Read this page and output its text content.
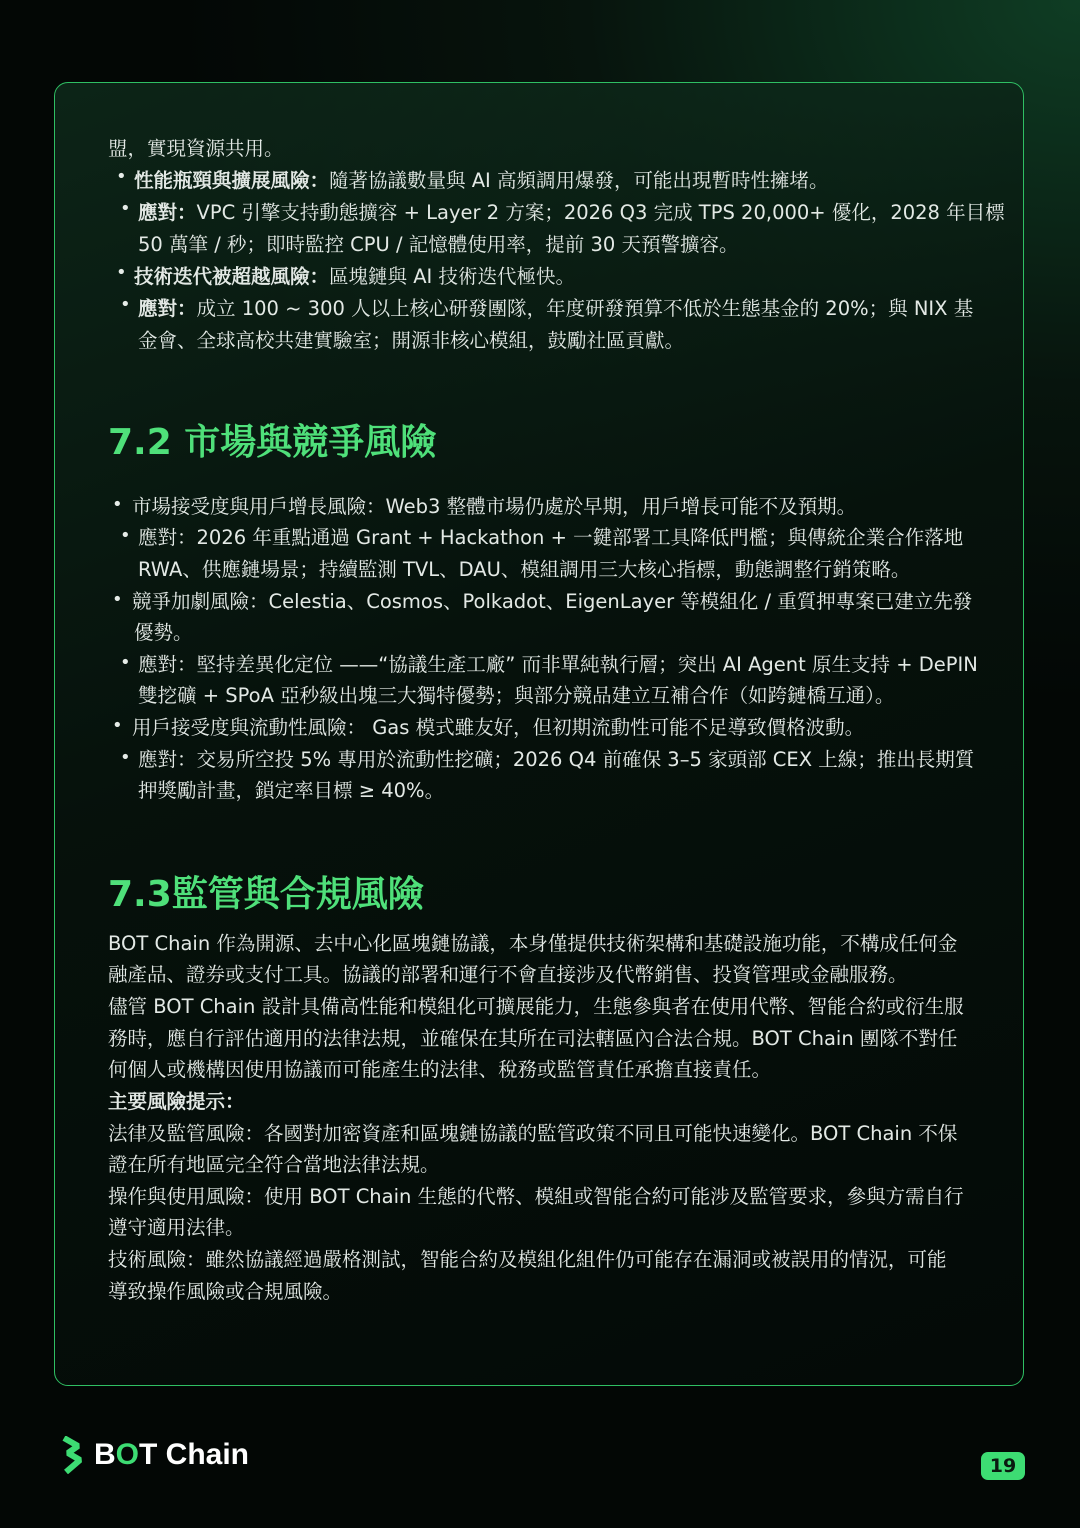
盟，實現資源共用。
• 性能瓶頸與擴展風險：隨著協議數量與 AI 高頻調用爆發，可能出現暫時性擁堵。
• 應對：VPC 引擎支持動態擴容 + Layer 2 方案；2026 Q3 完成 TPS 20,000+ 優化，2028 年目標
50 萬筆 / 秒；即時監控 CPU / 記憶體使用率，提前 30 天預警擴容。
• 技術迭代被超越風險：區塊鏈與 AI 技術迭代極快。
• 應對：成立 100 ~ 300 人以上核心研發團隊，年度研發預算不低於生態基金的 20%；與 NIX 基
金會、全球高校共建實驗室；開源非核心模組，鼓勵社區貢獻。
7.2 市場與競爭風險
• 市場接受度與用戶增長風險：Web3 整體市場仍處於早期，用戶增長可能不及預期。
• 應對：2026 年重點通過 Grant + Hackathon + 一鍵部署工具降低門檻；與傳統企業合作落地
RWA、供應鏈場景；持續監測 TVL、DAU、模組調用三大核心指標，動態調整行銷策略。
• 競爭加劇風險：Celestia、Cosmos、Polkadot、EigenLayer 等模組化 / 重質押專案已建立先發
優勢。
• 應對：堅持差異化定位 ——“協議生產工廠” 而非單純執行層；突出 AI Agent 原生支持 + DePIN
雙挖礦 + SPoA 亞秒級出塊三大獨特優勢；與部分競品建立互補合作（如跨鏈橋互通）。
• 用戶接受度與流動性風險： Gas 模式雖友好，但初期流動性可能不足導致價格波動。
• 應對：交易所空投 5% 專用於流動性挖礦；2026 Q4 前確保 3–5 家頭部 CEX 上線；推出長期質
押獎勵計畫，鎖定率目標 ≥ 40%。
7.3監管與合規風險
BOT Chain 作為開源、去中心化區塊鏈協議，本身僅提供技術架構和基礎設施功能，不構成任何金
融產品、證券或支付工具。協議的部署和運行不會直接涉及代幣銷售、投資管理或金融服務。
儘管 BOT Chain 設計具備高性能和模組化可擴展能力，生態參與者在使用代幣、智能合約或衍生服
務時，應自行評估適用的法律法規，並確保在其所在司法轄區內合法合規。BOT Chain 團隊不對任
何個人或機構因使用協議而可能產生的法律、稅務或監管責任承擔直接責任。
主要風險提示：
法律及監管風險：各國對加密資產和區塊鏈協議的監管政策不同且可能快速變化。BOT Chain 不保
證在所有地區完全符合當地法律法規。
操作與使用風險：使用 BOT Chain 生態的代幣、模組或智能合約可能涉及監管要求，參與方需自行
遵守適用法律。
技術風險：雖然協議經過嚴格測試，智能合約及模組化組件仍可能存在漏洞或被誤用的情況，可能
導致操作風險或合規風險。
BOT Chain	19
